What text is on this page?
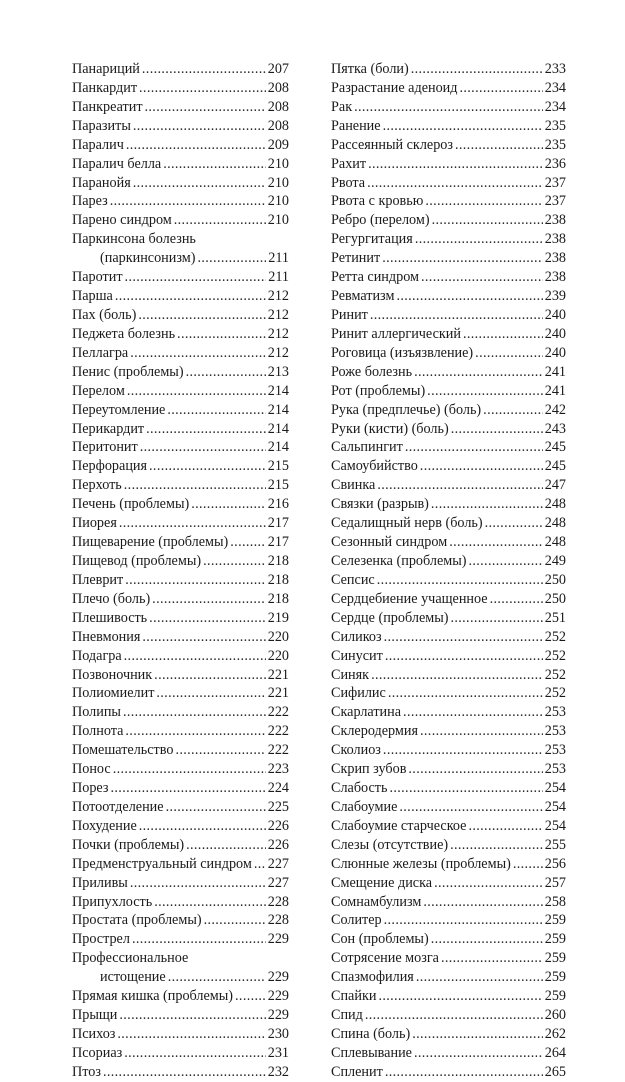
Панариций . . .	207
Панкардит . . .	208
Панкреатит . . .	208
Паразиты . . .	208
Паралич . . .	209
Паралич белла . . .	210
Паранойя . . .	210
Парез . . .	210
Парено синдром . . .	210
Паркинсона болезнь
(паркинсонизм) . . .	211
Паротит . . .	211
Парша . . .	212
Пах (боль) . . .	212
Педжета болезнь . . .	212
Пеллагра . . .	212
Пенис (проблемы) . . .	213
Перелом . . .	214
Переутомление . . .	214
Перикардит . . .	214
Перитонит . . .	214
Перфорация . . .	215
Перхоть . . .	215
Печень (проблемы) . . .	216
Пиорея . . .	217
Пищеварение (проблемы) . . .	217
Пищевод (проблемы) . . .	218
Плеврит . . .	218
Плечо (боль) . . .	218
Плешивость . . .	219
Пневмония . . .	220
Подагра . . .	220
Позвоночник . . .	221
Полиомиелит . . .	221
Полипы . . .	222
Полнота . . .	222
Помешательство . . .	222
Понос . . .	223
Порез . . .	224
Потоотделение . . .	225
Похудение . . .	226
Почки (проблемы) . . .	226
Предменструальный синдром . . . 227
Приливы . . .	227
Припухлость . . .	228
Простата (проблемы) . . .	228
Прострел . . .	229
Профессиональное
истощение . . .	229
Прямая кишка (проблемы) . . . 229
Прыщи . . .	229
Психоз . . .	230
Псориаз . . .	231
Птоз . . .	232
Пятка (боли) . . .	233
Разрастание аденоид . . .	234
Рак . . .	234
Ранение . . .	235
Рассеянный склероз . . .	235
Рахит . . .	236
Рвота . . .	237
Рвота с кровью . . .	237
Ребро (перелом) . . .	238
Регургитация . . .	238
Ретинит . . .	238
Ретта синдром . . .	238
Ревматизм . . .	239
Ринит . . .	240
Ринит аллергический . . .	240
Роговица (изъязвление) . . .	240
Роже болезнь . . .	241
Рот (проблемы) . . .	241
Рука (предплечье) (боль) . . .	242
Руки (кисти) (боль) . . .	243
Сальпингит . . .	245
Самоубийство . . .	245
Свинка . . .	247
Связки (разрыв) . . .	248
Седалищный нерв (боль) . . .	248
Сезонный синдром . . .	248
Селезенка (проблемы) . . .	249
Сепсис . . .	250
Сердцебиение учащенное . . .	250
Сердце (проблемы) . . .	251
Силикоз . . .	252
Синусит . . .	252
Синяк . . .	252
Сифилис . . .	252
Скарлатина . . .	253
Склеродермия . . .	253
Сколиоз . . .	253
Скрип зубов . . .	253
Слабость . . .	254
Слабоумие . . .	254
Слабоумие старческое . . .	254
Слезы (отсутствие) . . .	255
Слюнные железы (проблемы) . . . 256
Смещение диска . . .	257
Сомнамбулизм . . .	258
Солитер . . .	259
Сон (проблемы) . . .	259
Сотрясение мозга . . .	259
Спазмофилия . . .	259
Спайки . . .	259
Спид . . .	260
Спина (боль) . . .	262
Сплевывание . . .	264
Спленит . . .	265
